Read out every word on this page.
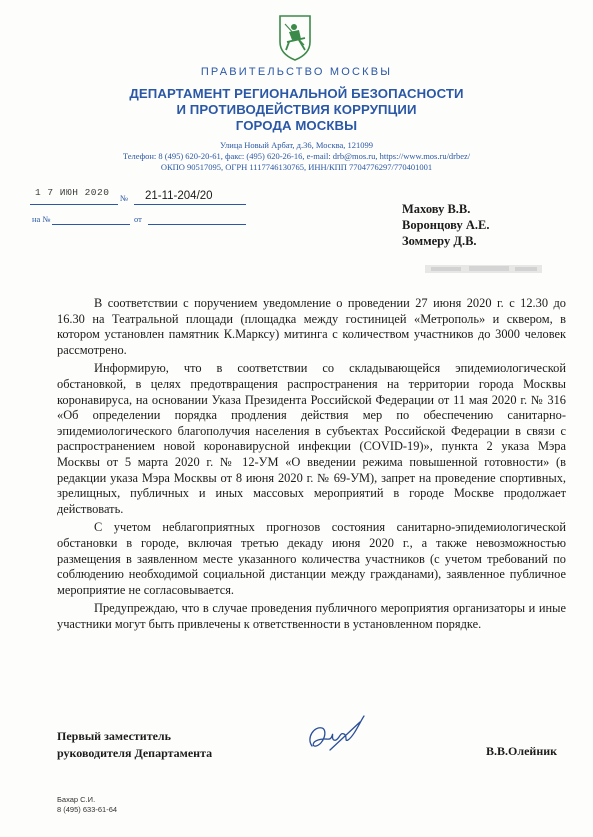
ПРАВИТЕЛЬСТВО МОСКВЫ
ДЕПАРТАМЕНТ РЕГИОНАЛЬНОЙ БЕЗОПАСНОСТИ
И ПРОТИВОДЕЙСТВИЯ КОРРУПЦИИ
ГОРОДА МОСКВЫ
Улица Новый Арбат, д.36, Москва, 121099
Телефон: 8 (495) 620-20-61, факс: (495) 620-26-16, e-mail: drb@mos.ru, https://www.mos.ru/drbez/
ОКПО 90517095, ОГРН 1117746130765, ИНН/КПП 7704776297/770401001
1 7 ИЮН 2020 № 21-11-204/20
на №	от
Махову В.В.
Воронцову А.Е.
Зоммеру Д.В.

В соответствии с поручением уведомление о проведении 27 июня 2020 г. с 12.30 до 16.30 на Театральной площади (площадка между гостиницей «Метрополь» и сквером, в котором установлен памятник К.Марксу) митинга с количеством участников до 3000 человек рассмотрено.

Информирую, что в соответствии со складывающейся эпидемиологической обстановкой, в целях предотвращения распространения на территории города Москвы коронавируса, на основании Указа Президента Российской Федерации от 11 мая 2020 г. № 316 «Об определении порядка продления действия мер по обеспечению санитарно-эпидемиологического благополучия населения в субъектах Российской Федерации в связи с распространением новой коронавирусной инфекции (COVID-19)», пункта 2 указа Мэра Москвы от 5 марта 2020 г. № 12-УМ «О введении режима повышенной готовности» (в редакции указа Мэра Москвы от 8 июня 2020 г. № 69-УМ), запрет на проведение спортивных, зрелищных, публичных и иных массовых мероприятий в городе Москве продолжает действовать.

С учетом неблагоприятных прогнозов состояния санитарно-эпидемиологической обстановки в городе, включая третью декаду июня 2020 г., а также невозможностью размещения в заявленном месте указанного количества участников (с учетом требований по соблюдению необходимой социальной дистанции между гражданами), заявленное публичное мероприятие не согласовывается.

Предупреждаю, что в случае проведения публичного мероприятия организаторы и иные участники могут быть привлечены к ответственности в установленном порядке.

Первый заместитель
руководителя Департамента	В.В.Олейник
Бахар С.И.
8 (495) 633-61-64
